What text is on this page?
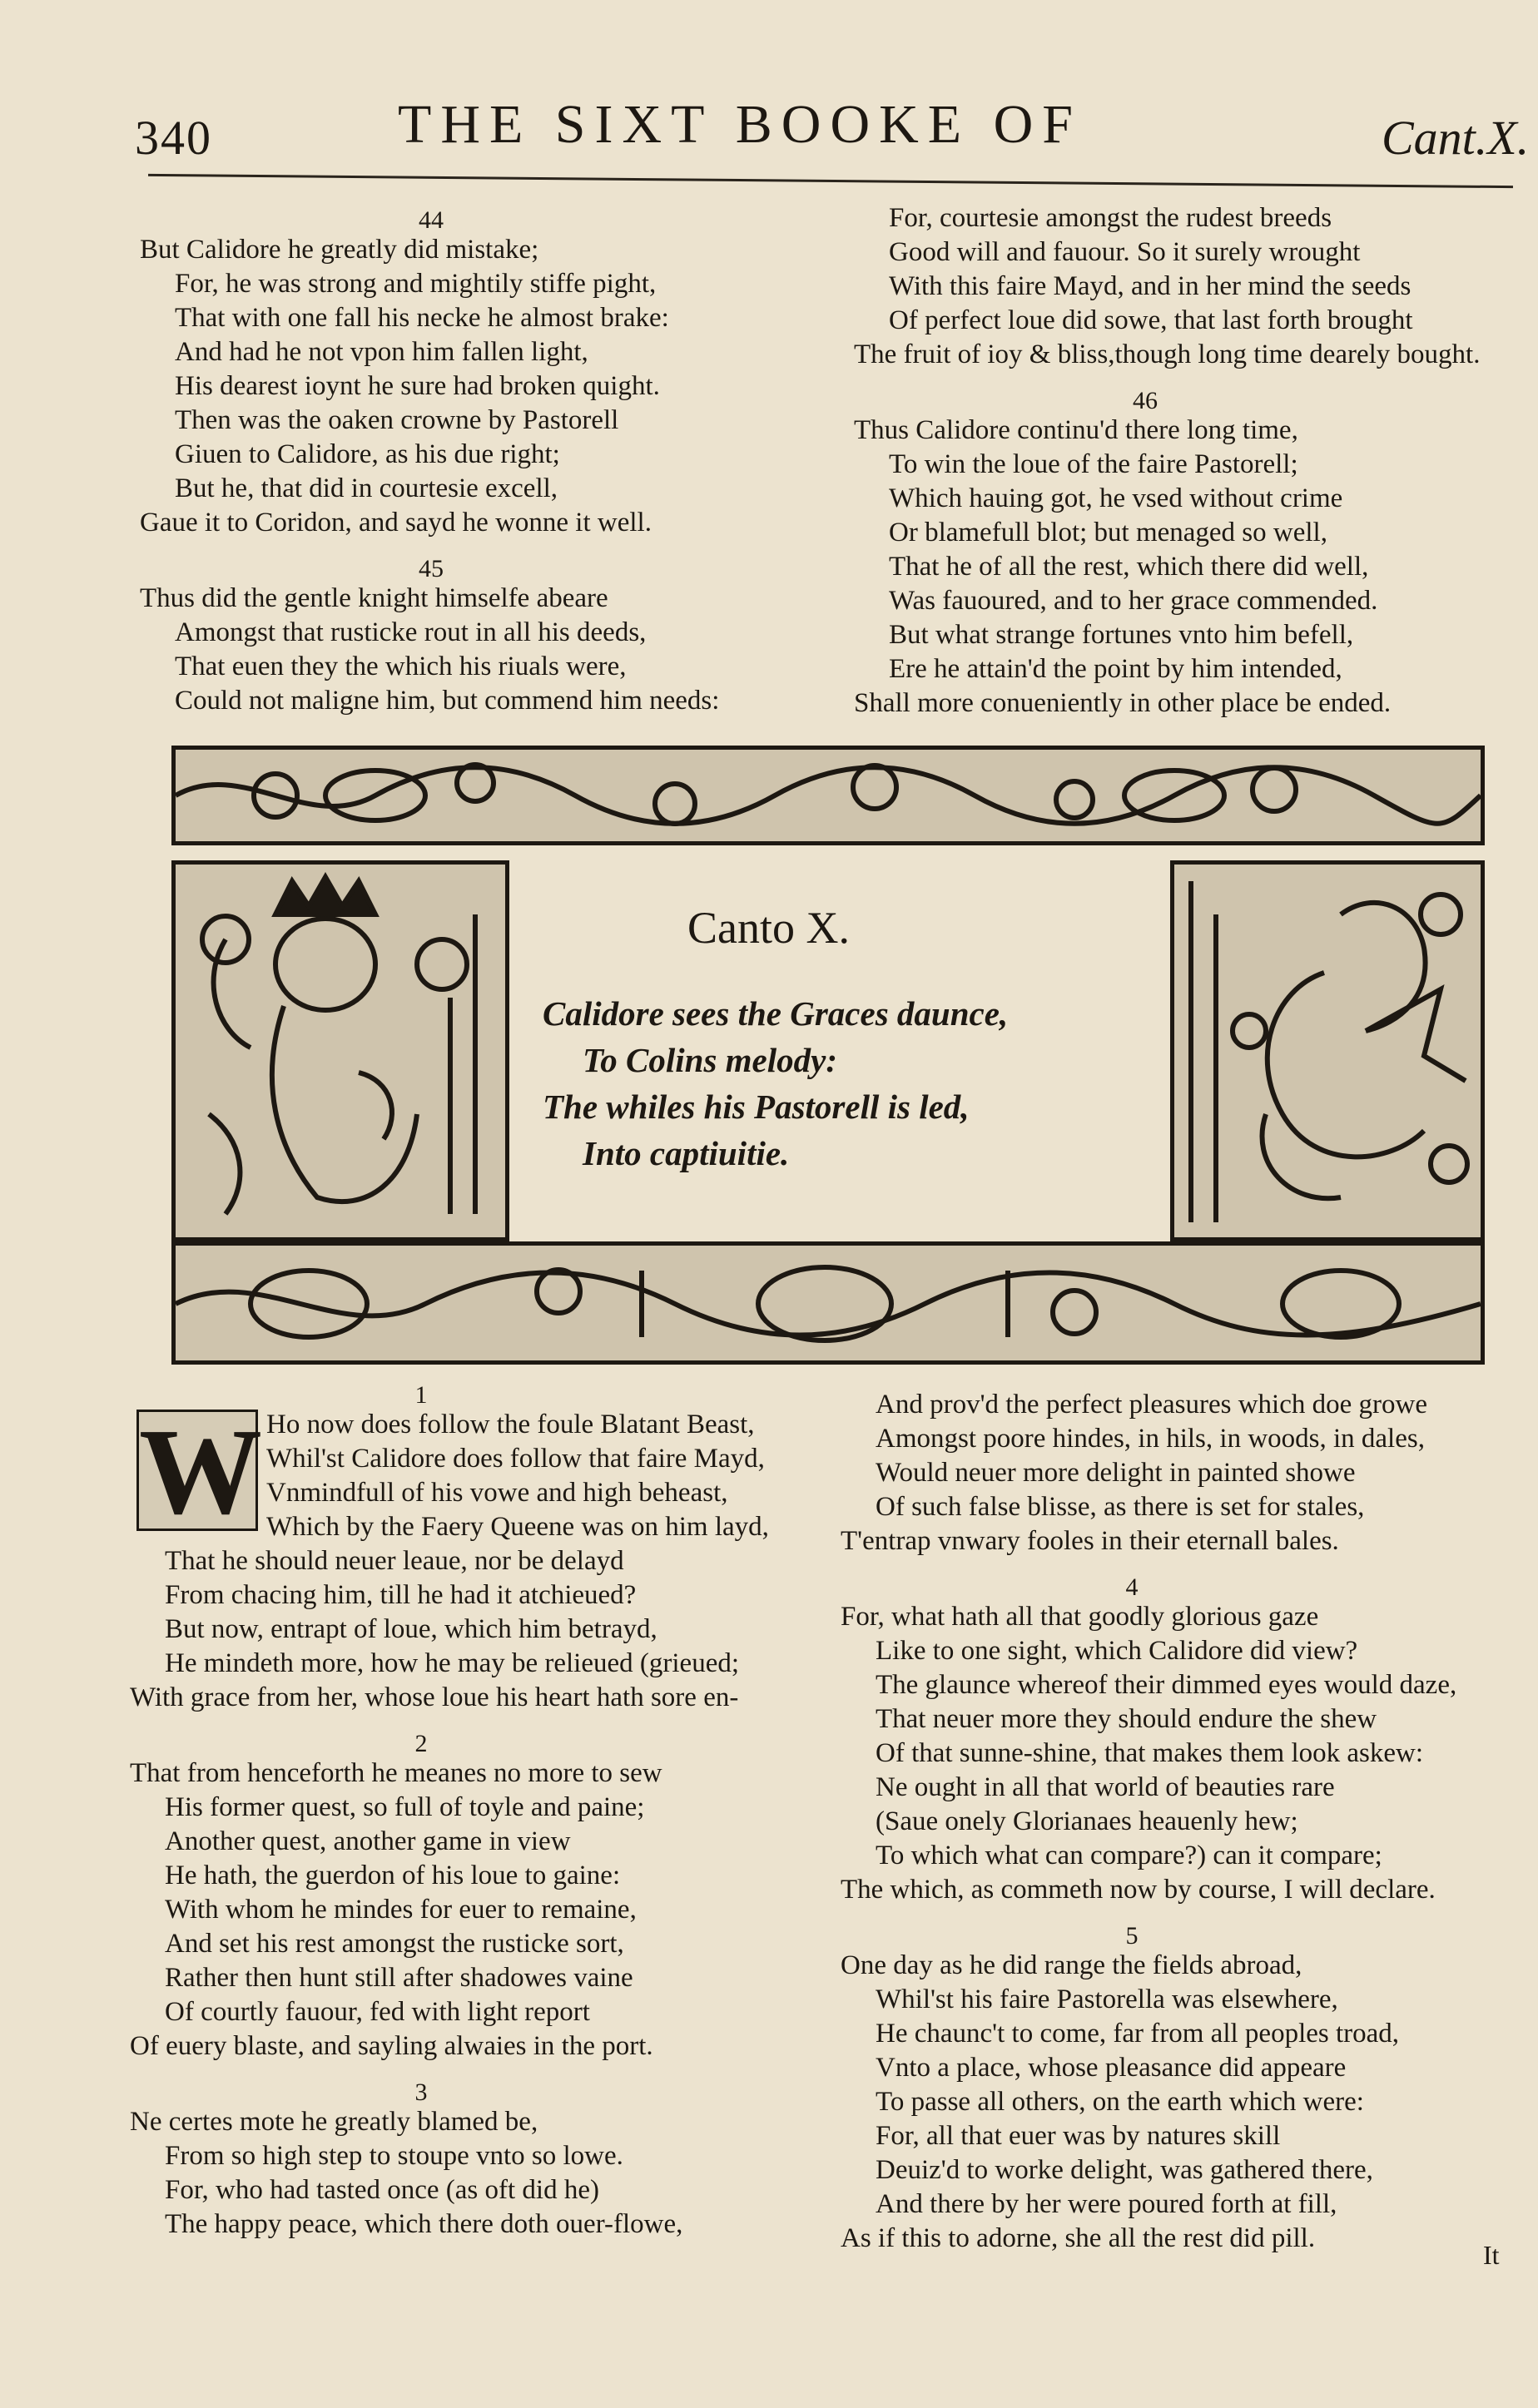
340	THE SIXT BOOKE OF	Cant.X.
44
But Calidore he greatly did mistake;
For, he was strong and mightily stiffe pight,
That with one fall his necke he almost brake:
And had he not vpon him fallen light,
His dearest ioynt he sure had broken quight.
Then was the oaken crowne by Pastorell
Giuen to Calidore, as his due right;
But he, that did in courtesie excell,
Gaue it to Coridon, and sayd he wonne it well.
45
Thus did the gentle knight himselfe abeare
Amongst that rusticke rout in all his deeds,
That euen they the which his riuals were,
Could not maligne him, but commend him needs:
For, courtesie amongst the rudest breeds
Good will and fauour. So it surely wrought
With this faire Mayd, and in her mind the seeds
Of perfect loue did sowe, that last forth brought
The fruit of ioy & bliss,though long time dearely bought.
46
Thus Calidore continu'd there long time,
To win the loue of the faire Pastorell;
Which hauing got, he vsed without crime
Or blamefull blot; but menaged so well,
That he of all the rest, which there did well,
Was fauoured, and to her grace commended.
But what strange fortunes vnto him befell,
Ere he attain'd the point by him intended,
Shall more conueniently in other place be ended.
Canto X.
Calidore sees the Graces daunce,
To Colins melody:
The whiles his Pastorell is led,
Into captiuitie.
W
1
Ho now does follow the foule Blatant Beast,
Whil'st Calidore does follow that faire Mayd,
Vnmindfull of his vowe and high beheast,
Which by the Faery Queene was on him layd,
That he should neuer leaue, nor be delayd
From chacing him, till he had it atchieued?
But now, entrapt of loue, which him betrayd,
He mindeth more, how he may be relieued (grieued;
With grace from her, whose loue his heart hath sore en-
2
That from henceforth he meanes no more to sew
His former quest, so full of toyle and paine;
Another quest, another game in view
He hath, the guerdon of his loue to gaine:
With whom he mindes for euer to remaine,
And set his rest amongst the rusticke sort,
Rather then hunt still after shadowes vaine
Of courtly fauour, fed with light report
Of euery blaste, and sayling alwaies in the port.
3
Ne certes mote he greatly blamed be,
From so high step to stoupe vnto so lowe.
For, who had tasted once (as oft did he)
The happy peace, which there doth ouer-flowe,
And prov'd the perfect pleasures which doe growe
Amongst poore hindes, in hils, in woods, in dales,
Would neuer more delight in painted showe
Of such false blisse, as there is set for stales,
T'entrap vnwary fooles in their eternall bales.
4
For, what hath all that goodly glorious gaze
Like to one sight, which Calidore did view?
The glaunce whereof their dimmed eyes would daze,
That neuer more they should endure the shew
Of that sunne-shine, that makes them look askew:
Ne ought in all that world of beauties rare
(Saue onely Glorianaes heauenly hew;
To which what can compare?) can it compare;
The which, as commeth now by course, I will declare.
5
One day as he did range the fields abroad,
Whil'st his faire Pastorella was elsewhere,
He chaunc't to come, far from all peoples troad,
Vnto a place, whose pleasance did appeare
To passe all others, on the earth which were:
For, all that euer was by natures skill
Deuiz'd to worke delight, was gathered there,
And there by her were poured forth at fill,
As if this to adorne, she all the rest did pill.
It
